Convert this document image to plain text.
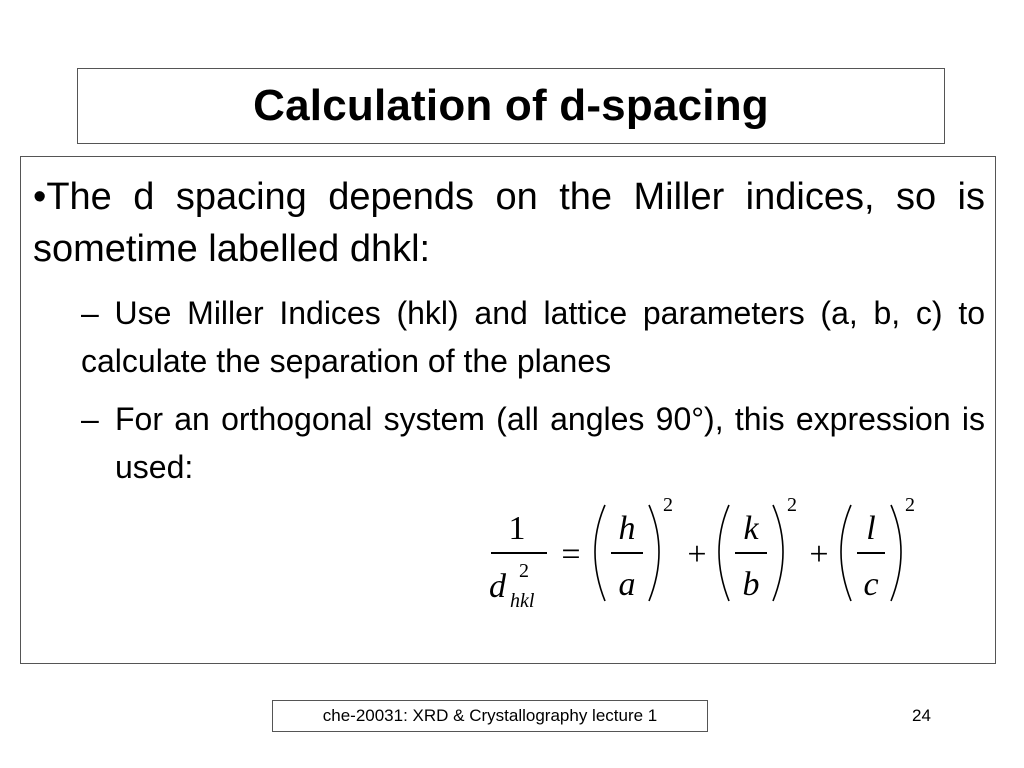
Calculation of d-spacing
•The d spacing depends on the Miller indices, so is sometime labelled dhkl:
– Use Miller Indices (hkl) and lattice parameters (a, b, c) to calculate the separation of the planes
– For an orthogonal system (all angles 90°), this expression is used:
1
d 2
hkl
=
h
a
2
+
k
b
2
+
l
c
2
che-20031: XRD & Crystallography lecture 1	24
